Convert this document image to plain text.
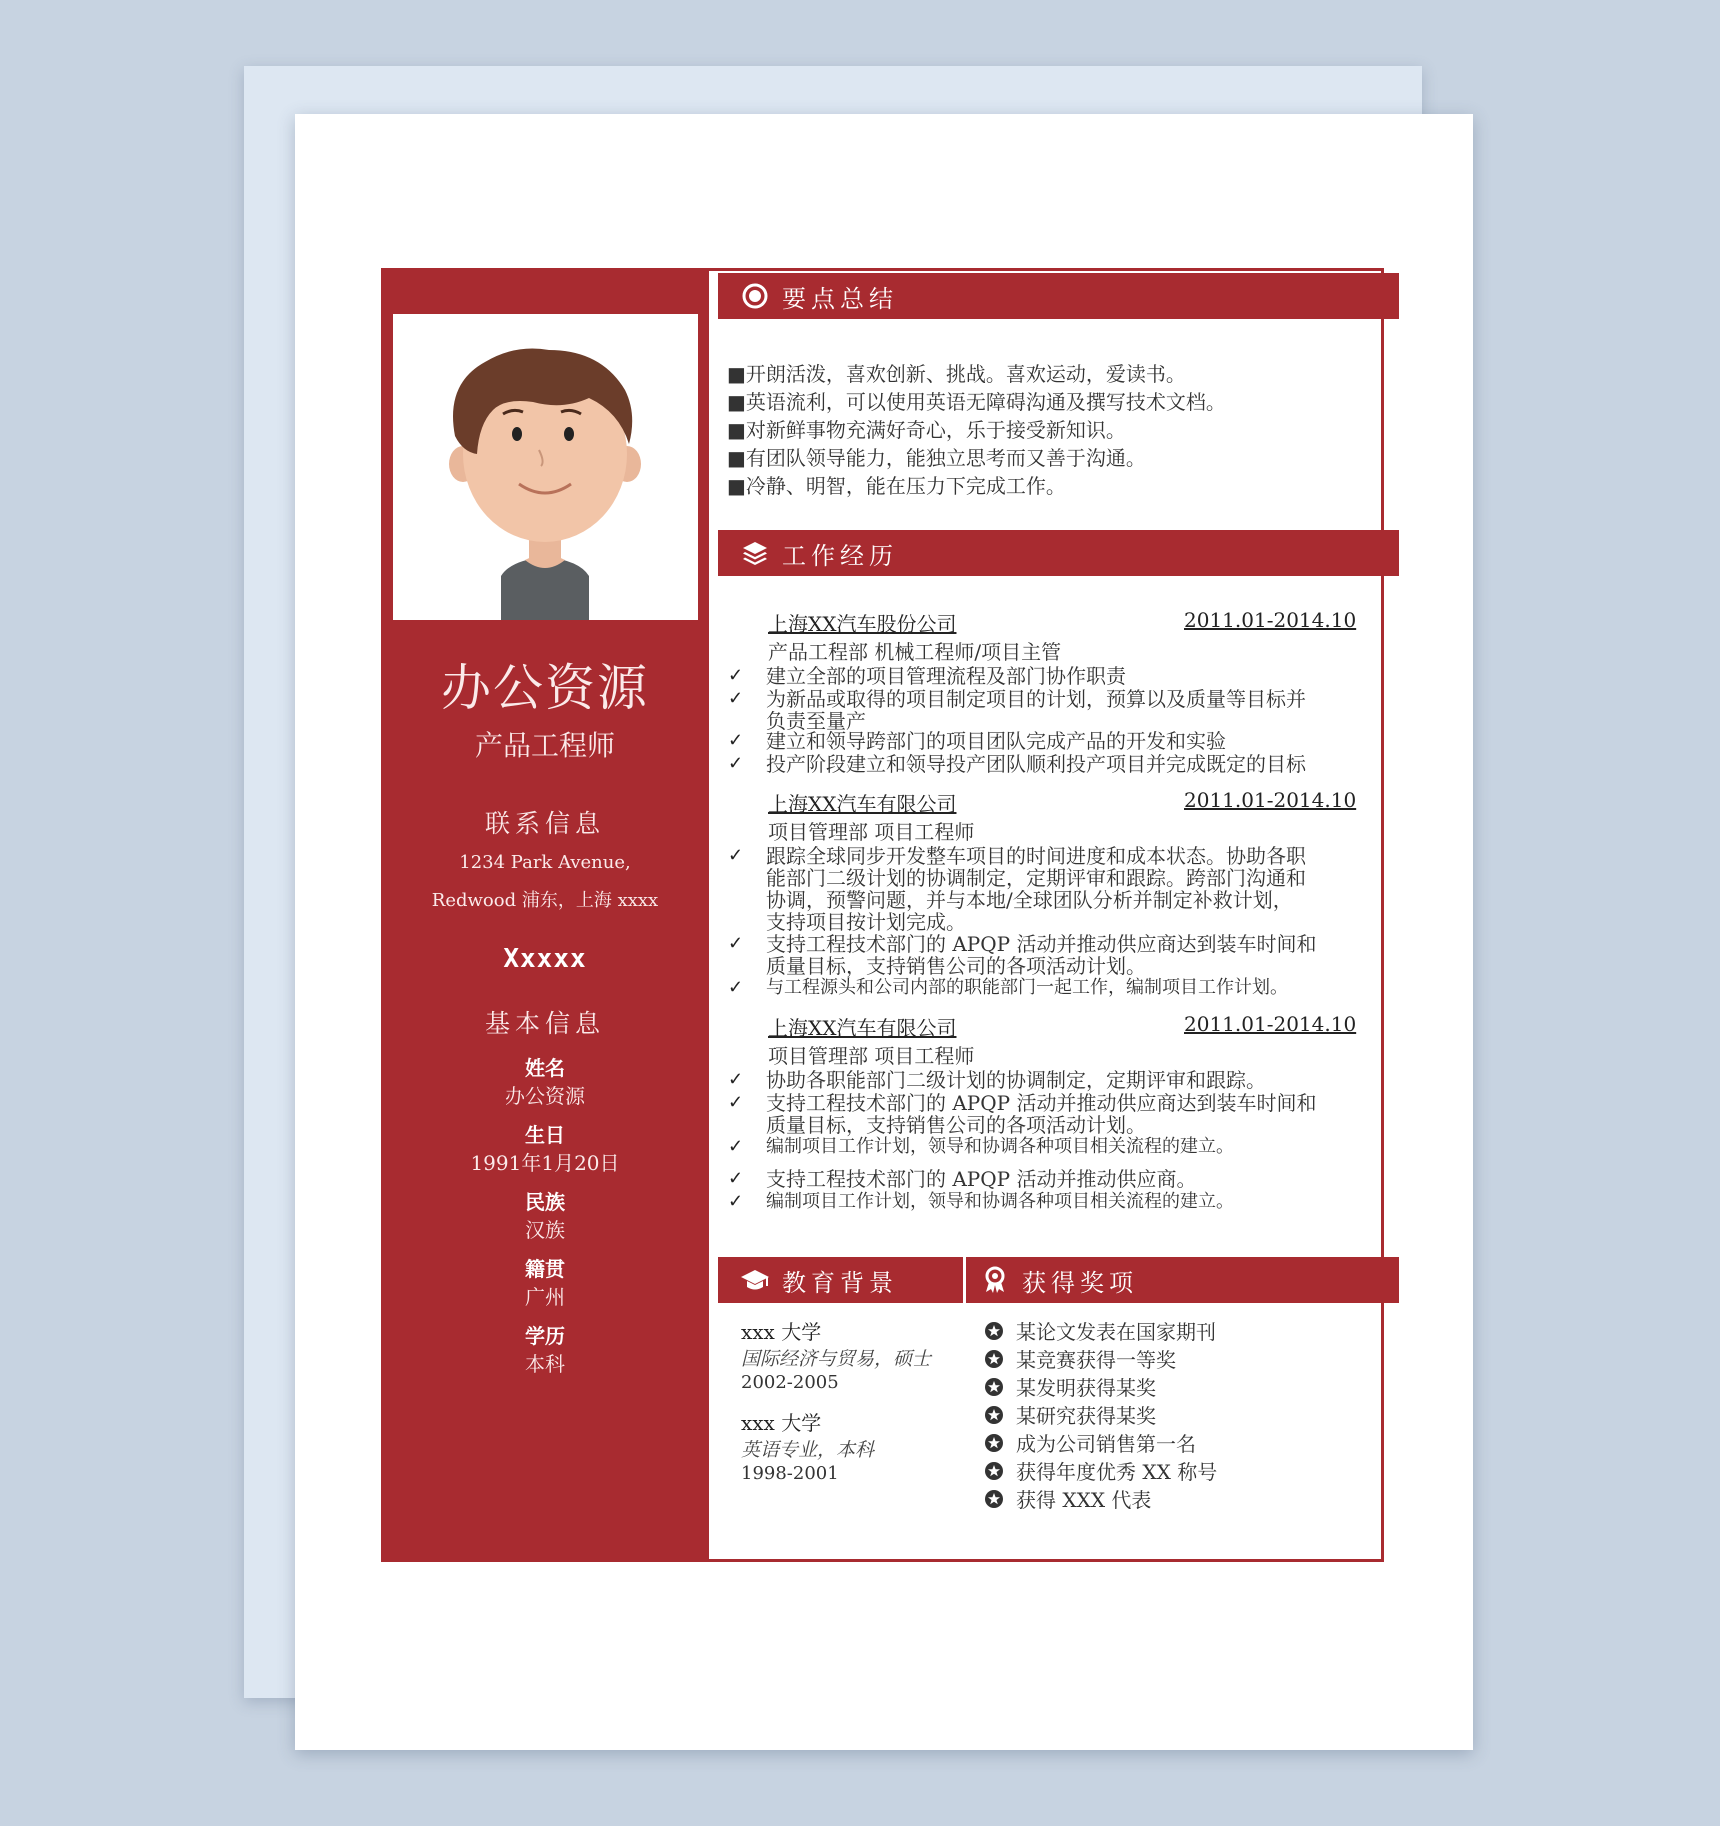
办公资源
产品工程师
联系信息
1234 Park Avenue,
Redwood 浦东，上海 xxxx
Xxxxx
基本信息
姓名
办公资源
生日
1991年1月20日
民族
汉族
籍贯
广州
学历
本科
要点总结
■开朗活泼，喜欢创新、挑战。喜欢运动，爱读书。
■英语流利，可以使用英语无障碍沟通及撰写技术文档。
■对新鲜事物充满好奇心，乐于接受新知识。
■有团队领导能力，能独立思考而又善于沟通。
■冷静、明智，能在压力下完成工作。
工作经历
上海XX汽车股份公司	2011.01-2014.10
产品工程部 机械工程师/项目主管
✓ 建立全部的项目管理流程及部门协作职责
✓ 为新品或取得的项目制定项目的计划，预算以及质量等目标并
负责至量产
✓ 建立和领导跨部门的项目团队完成产品的开发和实验
✓ 投产阶段建立和领导投产团队顺利投产项目并完成既定的目标
上海XX汽车有限公司	2011.01-2014.10
项目管理部 项目工程师
✓ 跟踪全球同步开发整车项目的时间进度和成本状态。协助各职
能部门二级计划的协调制定，定期评审和跟踪。跨部门沟通和
协调，预警问题，并与本地/全球团队分析并制定补救计划，
支持项目按计划完成。
✓ 支持工程技术部门的 APQP 活动并推动供应商达到装车时间和
质量目标，支持销售公司的各项活动计划。
✓ 与工程源头和公司内部的职能部门一起工作，编制项目工作计划。
上海XX汽车有限公司	2011.01-2014.10
项目管理部 项目工程师
✓ 协助各职能部门二级计划的协调制定，定期评审和跟踪。
✓ 支持工程技术部门的 APQP 活动并推动供应商达到装车时间和
质量目标，支持销售公司的各项活动计划。
✓ 编制项目工作计划，领导和协调各种项目相关流程的建立。
✓ 支持工程技术部门的 APQP 活动并推动供应商。
✓ 编制项目工作计划，领导和协调各种项目相关流程的建立。
教育背景	获得奖项
xxx 大学
国际经济与贸易，硕士
2002-2005
xxx 大学
英语专业，本科
1998-2001
某论文发表在国家期刊
某竞赛获得一等奖
某发明获得某奖
某研究获得某奖
成为公司销售第一名
获得年度优秀 XX 称号
获得 XXX 代表
